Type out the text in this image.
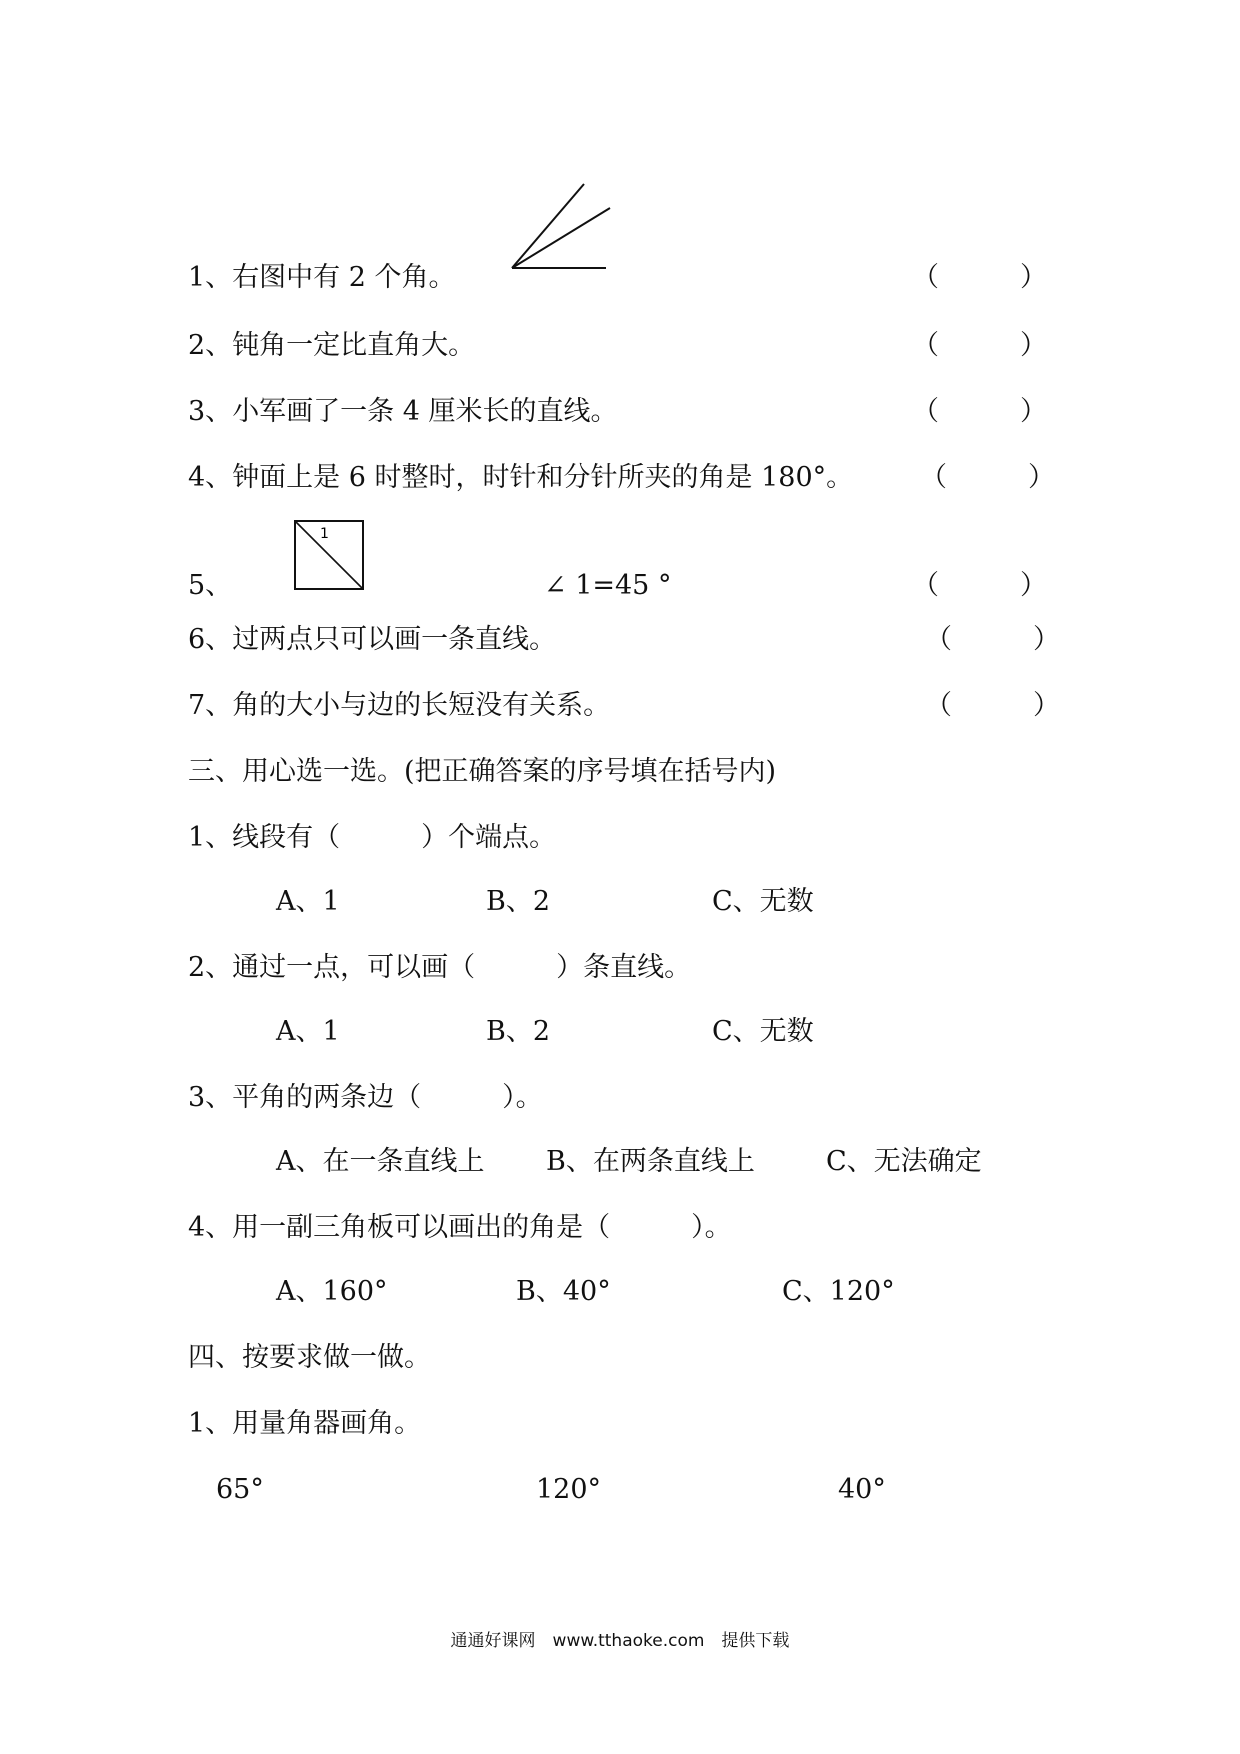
1、右图中有 2 个角。	（　　　）
2、钝角一定比直角大。	（　　　）
3、小军画了一条 4 厘米长的直线。	（　　　）
4、钟面上是 6 时整时，时针和分针所夹的角是 180°。 （　　　）
5、
1
∠ 1=45 °	（　　　）
6、过两点只可以画一条直线。	（　　　）
7、角的大小与边的长短没有关系。	（　　　）
三、用心选一选。(把正确答案的序号填在括号内)
1、线段有（　　　）个端点。
A、1	B、2	C、无数
2、通过一点，可以画（　　　）条直线。
A、1	B、2	C、无数
3、平角的两条边（　　　）。
A、在一条直线上 B、在两条直线上	C、无法确定
4、用一副三角板可以画出的角是（　　　）。
A、160°	B、40°	C、120°
四、按要求做一做。
1、用量角器画角。
65°	120°	40°
通通好课网　www.tthaoke.com　提供下载
